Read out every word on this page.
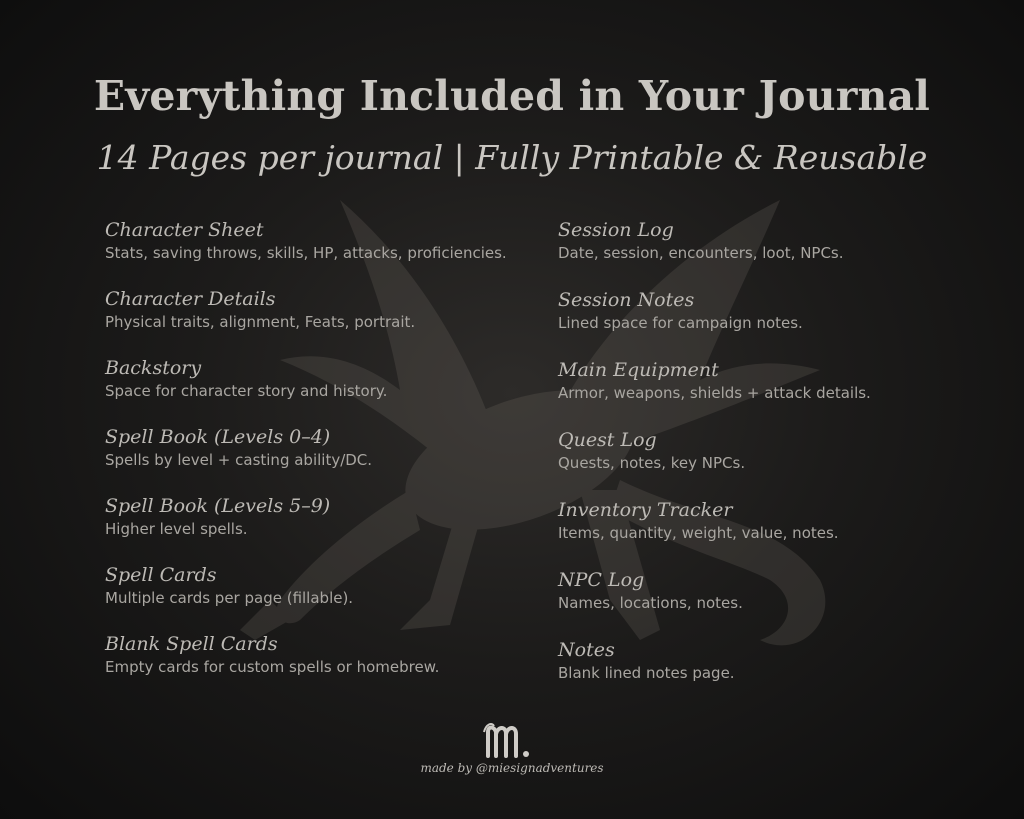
Everything Included in Your Journal
14 Pages per journal | Fully Printable & Reusable
Character Sheet
Stats, saving throws, skills, HP, attacks, proficiencies.
Character Details
Physical traits, alignment, Feats, portrait.
Backstory
Space for character story and history.
Spell Book (Levels 0–4)
Spells by level + casting ability/DC.
Spell Book (Levels 5–9)
Higher level spells.
Spell Cards
Multiple cards per page (fillable).
Blank Spell Cards
Empty cards for custom spells or homebrew.
Session Log
Date, session, encounters, loot, NPCs.
Session Notes
Lined space for campaign notes.
Main Equipment
Armor, weapons, shields + attack details.
Quest Log
Quests, notes, key NPCs.
Inventory Tracker
Items, quantity, weight, value, notes.
NPC Log
Names, locations, notes.
Notes
Blank lined notes page.
made by @miesignadventures
